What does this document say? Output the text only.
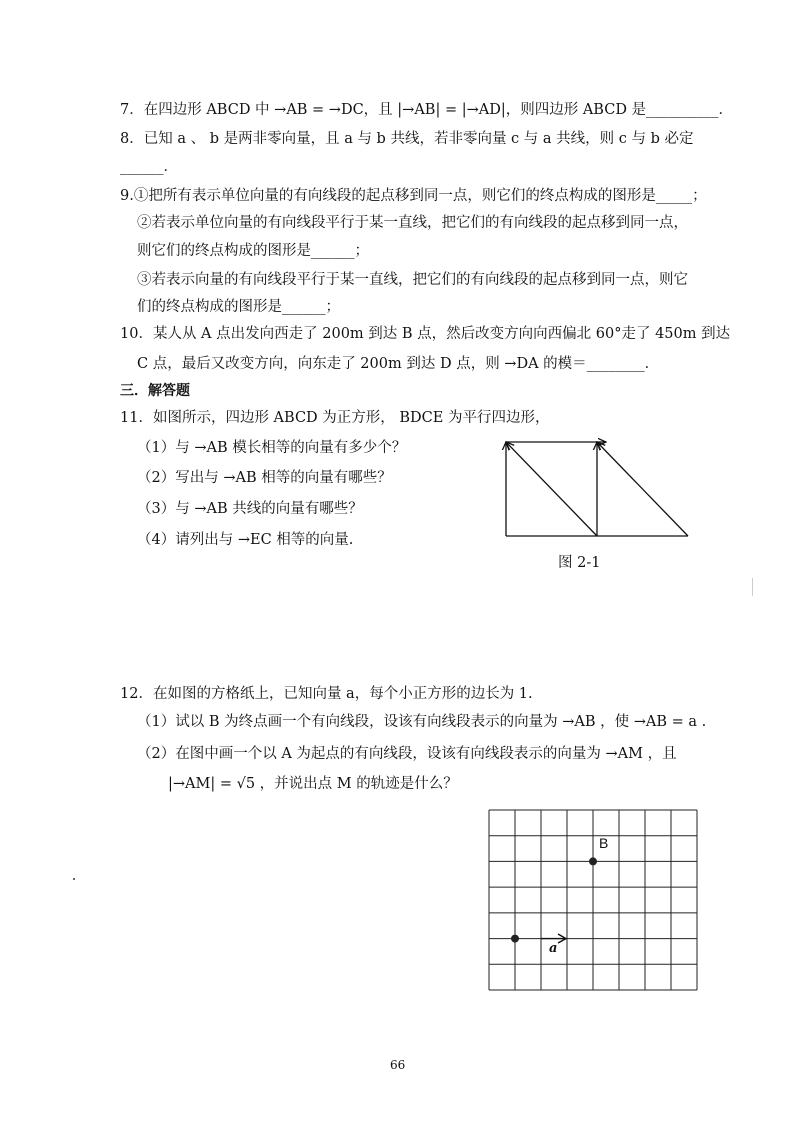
7．在四边形 ABCD 中 →AB = →DC，且 |→AB| = |→AD|，则四边形 ABCD 是__________．
8．已知 a 、 b 是两非零向量，且 a 与 b 共线，若非零向量 c 与 a 共线，则 c 与 b 必定
______．
9.①把所有表示单位向量的有向线段的起点移到同一点，则它们的终点构成的图形是_____；
②若表示单位向量的有向线段平行于某一直线，把它们的有向线段的起点移到同一点，
则它们的终点构成的图形是______；
③若表示向量的有向线段平行于某一直线，把它们的有向线段的起点移到同一点，则它
们的终点构成的图形是______；
10．某人从 A 点出发向西走了 200m 到达 B 点，然后改变方向向西偏北 60°走了 450m 到达
C 点，最后又改变方向，向东走了 200m 到达 D 点，则 →DA 的模＝________．
三．解答题
11．如图所示，四边形 ABCD 为正方形， BDCE 为平行四边形，
（1）与 →AB 模长相等的向量有多少个？
（2）写出与 →AB 相等的向量有哪些？
（3）与 →AB 共线的向量有哪些？
（4）请列出与 →EC 相等的向量.
图 2-1
12．在如图的方格纸上，已知向量 a，每个小正方形的边长为 1.
（1）试以 B 为终点画一个有向线段，设该有向线段表示的向量为 →AB ，使 →AB = a .
（2）在图中画一个以 A 为起点的有向线段，设该有向线段表示的向量为 →AM ，且
|→AM| = √5 ，并说出点 M 的轨迹是什么？
B
a
66
